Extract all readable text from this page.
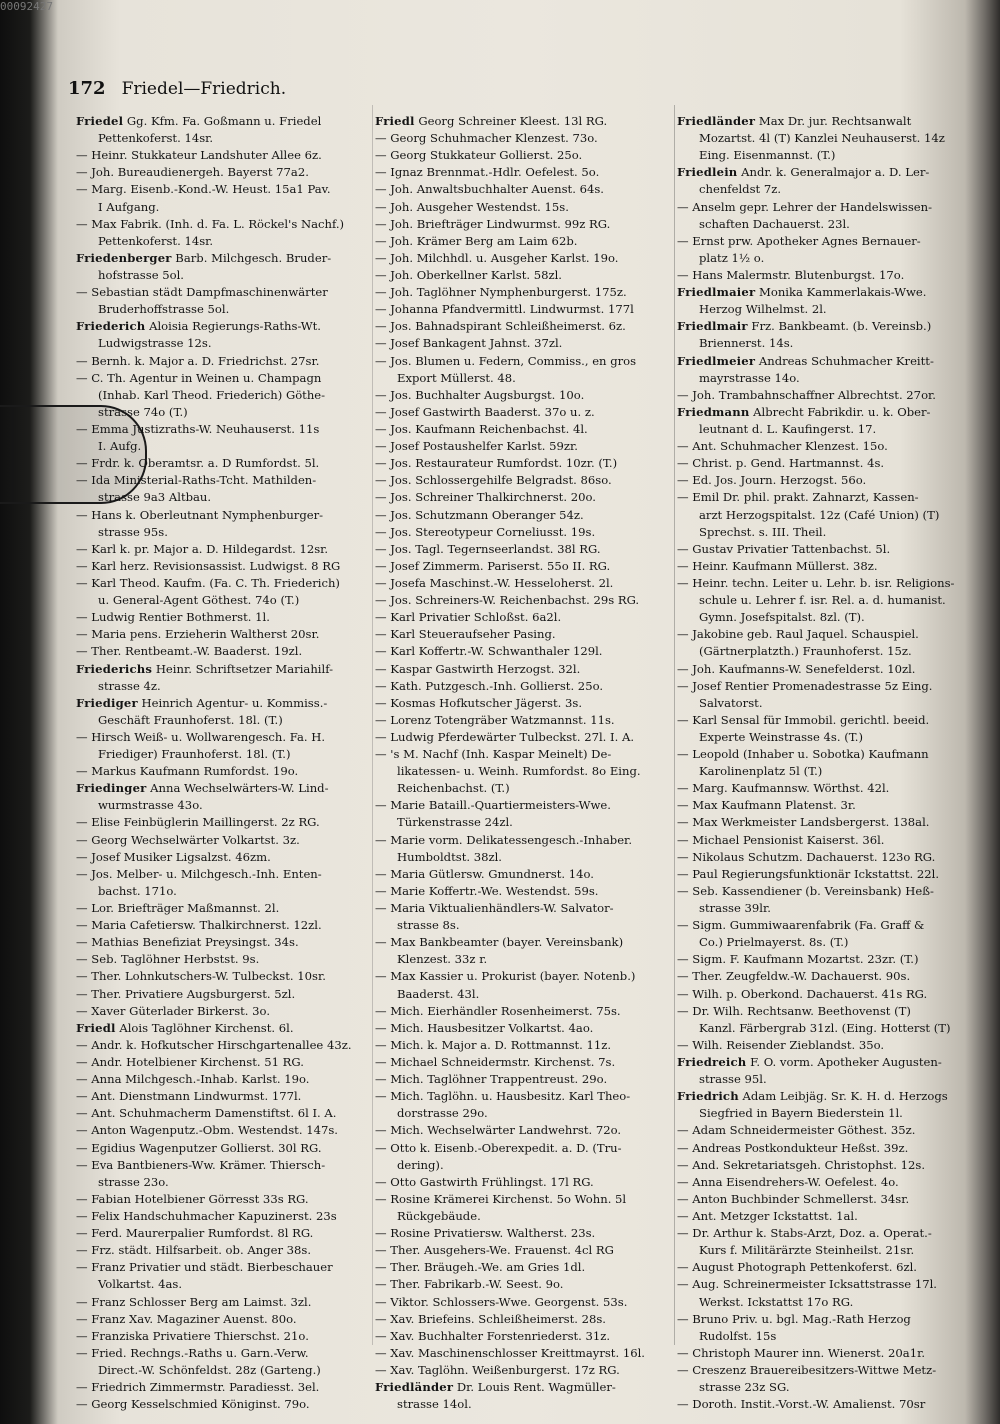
00092427
172 Friedel—Friedrich.
Friedel Gg. Kfm. Fa. Goßmann u. Friedel
Pettenkoferst. 14sr.
— Heinr. Stukkateur Landshuter Allee 6z.
— Joh. Bureaudienergeh. Bayerst 77a2.
— Marg. Eisenb.-Kond.-W. Heust. 15a1 Pav.
I Aufgang.
— Max Fabrik. (Inh. d. Fa. L. Röckel's Nachf.)
Pettenkoferst. 14sr.
Friedenberger Barb. Milchgesch. Bruder-
hofstrasse 5ol.
— Sebastian städt Dampfmaschinenwärter
Bruderhoffstrasse 5ol.
Friederich Aloisia Regierungs-Raths-Wt.
Ludwigstrasse 12s.
— Bernh. k. Major a. D. Friedrichst. 27sr.
— C. Th. Agentur in Weinen u. Champagn
(Inhab. Karl Theod. Friederich) Göthe-
strasse 74o (T.)
— Emma Justizraths-W. Neuhauserst. 11s
I. Aufg.
— Frdr. k. Oberamtsr. a. D Rumfordst. 5l.
— Ida Ministerial-Raths-Tcht. Mathilden-
strasse 9a3 Altbau.
— Hans k. Oberleutnant Nymphenburger-
strasse 95s.
— Karl k. pr. Major a. D. Hildegardst. 12sr.
— Karl herz. Revisionsassist. Ludwigst. 8 RG
— Karl Theod. Kaufm. (Fa. C. Th. Friederich)
u. General-Agent Göthest. 74o (T.)
— Ludwig Rentier Bothmerst. 1l.
— Maria pens. Erzieherin Waltherst 20sr.
— Ther. Rentbeamt.-W. Baaderst. 19zl.
Friederichs Heinr. Schriftsetzer Mariahilf-
strasse 4z.
Friediger Heinrich Agentur- u. Kommiss.-
Geschäft Fraunhoferst. 18l. (T.)
— Hirsch Weiß- u. Wollwarengesch. Fa. H.
Friediger) Fraunhoferst. 18l. (T.)
— Markus Kaufmann Rumfordst. 19o.
Friedinger Anna Wechselwärters-W. Lind-
wurmstrasse 43o.
— Elise Feinbüglerin Maillingerst. 2z RG.
— Georg Wechselwärter Volkartst. 3z.
— Josef Musiker Ligsalzst. 46zm.
— Jos. Melber- u. Milchgesch.-Inh. Enten-
bachst. 171o.
— Lor. Briefträger Maßmannst. 2l.
— Maria Cafetiersw. Thalkirchnerst. 12zl.
— Mathias Benefiziat Preysingst. 34s.
— Seb. Taglöhner Herbstst. 9s.
— Ther. Lohnkutschers-W. Tulbeckst. 10sr.
— Ther. Privatiere Augsburgerst. 5zl.
— Xaver Güterlader Birkerst. 3o.
Friedl Alois Taglöhner Kirchenst. 6l.
— Andr. k. Hofkutscher Hirschgartenallee 43z.
— Andr. Hotelbiener Kirchenst. 51 RG.
— Anna Milchgesch.-Inhab. Karlst. 19o.
— Ant. Dienstmann Lindwurmst. 177l.
— Ant. Schuhmacherm Damenstiftst. 6l I. A.
— Anton Wagenputz.-Obm. Westendst. 147s.
— Egidius Wagenputzer Gollierst. 30l RG.
— Eva Bantbieners-Ww. Krämer. Thiersch-
strasse 23o.
— Fabian Hotelbiener Görresst 33s RG.
— Felix Handschuhmacher Kapuzinerst. 23s
— Ferd. Maurerpalier Rumfordst. 8l RG.
— Frz. städt. Hilfsarbeit. ob. Anger 38s.
— Franz Privatier und städt. Bierbeschauer
Volkartst. 4as.
— Franz Schlosser Berg am Laimst. 3zl.
— Franz Xav. Magaziner Auenst. 80o.
— Franziska Privatiere Thierschst. 21o.
— Fried. Rechngs.-Raths u. Garn.-Verw.
Direct.-W. Schönfeldst. 28z (Garteng.)
— Friedrich Zimmermstr. Paradiesst. 3el.
— Georg Kesselschmied Königinst. 79o.
Friedl Georg Schreiner Kleest. 13l RG.
— Georg Schuhmacher Klenzest. 73o.
— Georg Stukkateur Gollierst. 25o.
— Ignaz Brennmat.-Hdlr. Oefelest. 5o.
— Joh. Anwaltsbuchhalter Auenst. 64s.
— Joh. Ausgeher Westendst. 15s.
— Joh. Briefträger Lindwurmst. 99z RG.
— Joh. Krämer Berg am Laim 62b.
— Joh. Milchhdl. u. Ausgeher Karlst. 19o.
— Joh. Oberkellner Karlst. 58zl.
— Joh. Taglöhner Nymphenburgerst. 175z.
— Johanna Pfandvermittl. Lindwurmst. 177l
— Jos. Bahnadspirant Schleißheimerst. 6z.
— Josef Bankagent Jahnst. 37zl.
— Jos. Blumen u. Federn, Commiss., en gros
Export Müllerst. 48.
— Jos. Buchhalter Augsburgst. 10o.
— Josef Gastwirth Baaderst. 37o u. z.
— Jos. Kaufmann Reichenbachst. 4l.
— Josef Postaushelfer Karlst. 59zr.
— Jos. Restaurateur Rumfordst. 10zr. (T.)
— Jos. Schlossergehilfe Belgradst. 86so.
— Jos. Schreiner Thalkirchnerst. 20o.
— Jos. Schutzmann Oberanger 54z.
— Jos. Stereotypeur Corneliusst. 19s.
— Jos. Tagl. Tegernseerlandst. 38l RG.
— Josef Zimmerm. Pariserst. 55o II. RG.
— Josefa Maschinst.-W. Hesseloherst. 2l.
— Jos. Schreiners-W. Reichenbachst. 29s RG.
— Karl Privatier Schloßst. 6a2l.
— Karl Steueraufseher Pasing.
— Karl Koffertr.-W. Schwanthaler 129l.
— Kaspar Gastwirth Herzogst. 32l.
— Kath. Putzgesch.-Inh. Gollierst. 25o.
— Kosmas Hofkutscher Jägerst. 3s.
— Lorenz Totengräber Watzmannst. 11s.
— Ludwig Pferdewärter Tulbeckst. 27l. I. A.
— 's M. Nachf (Inh. Kaspar Meinelt) De-
likatessen- u. Weinh. Rumfordst. 8o Eing.
Reichenbachst. (T.)
— Marie Bataill.-Quartiermeisters-Wwe.
Türkenstrasse 24zl.
— Marie vorm. Delikatessengesch.-Inhaber.
Humboldtst. 38zl.
— Maria Gütlersw. Gmundnerst. 14o.
— Marie Koffertr.-We. Westendst. 59s.
— Maria Viktualienhändlers-W. Salvator-
strasse 8s.
— Max Bankbeamter (bayer. Vereinsbank)
Klenzest. 33z r.
— Max Kassier u. Prokurist (bayer. Notenb.)
Baaderst. 43l.
— Mich. Eierhändler Rosenheimerst. 75s.
— Mich. Hausbesitzer Volkartst. 4ao.
— Mich. k. Major a. D. Rottmannst. 11z.
— Michael Schneidermstr. Kirchenst. 7s.
— Mich. Taglöhner Trappentreust. 29o.
— Mich. Taglöhn. u. Hausbesitz. Karl Theo-
dorstrasse 29o.
— Mich. Wechselwärter Landwehrst. 72o.
— Otto k. Eisenb.-Oberexpedit. a. D. (Tru-
dering).
— Otto Gastwirth Frühlingst. 17l RG.
— Rosine Krämerei Kirchenst. 5o Wohn. 5l
Rückgebäude.
— Rosine Privatiersw. Waltherst. 23s.
— Ther. Ausgehers-We. Frauenst. 4cl RG
— Ther. Bräugeh.-We. am Gries 1dl.
— Ther. Fabrikarb.-W. Seest. 9o.
— Viktor. Schlossers-Wwe. Georgenst. 53s.
— Xav. Briefeins. Schleißheimerst. 28s.
— Xav. Buchhalter Forstenriederst. 31z.
— Xav. Maschinenschlosser Kreittmayrst. 16l.
— Xav. Taglöhn. Weißenburgerst. 17z RG.
Friedländer Dr. Louis Rent. Wagmüller-
strasse 14ol.
Friedländer Max Dr. jur. Rechtsanwalt
Mozartst. 4l (T) Kanzlei Neuhauserst. 14z
Eing. Eisenmannst. (T.)
Friedlein Andr. k. Generalmajor a. D. Ler-
chenfeldst 7z.
— Anselm gepr. Lehrer der Handelswissen-
schaften Dachauerst. 23l.
— Ernst prw. Apotheker Agnes Bernauer-
platz 1½ o.
— Hans Malermstr. Blutenburgst. 17o.
Friedlmaier Monika Kammerlakais-Wwe.
Herzog Wilhelmst. 2l.
Friedlmair Frz. Bankbeamt. (b. Vereinsb.)
Briennerst. 14s.
Friedlmeier Andreas Schuhmacher Kreitt-
mayrstrasse 14o.
— Joh. Trambahnschaffner Albrechtst. 27or.
Friedmann Albrecht Fabrikdir. u. k. Ober-
leutnant d. L. Kaufingerst. 17.
— Ant. Schuhmacher Klenzest. 15o.
— Christ. p. Gend. Hartmannst. 4s.
— Ed. Jos. Journ. Herzogst. 56o.
— Emil Dr. phil. prakt. Zahnarzt, Kassen-
arzt Herzogspitalst. 12z (Café Union) (T)
Sprechst. s. III. Theil.
— Gustav Privatier Tattenbachst. 5l.
— Heinr. Kaufmann Müllerst. 38z.
— Heinr. techn. Leiter u. Lehr. b. isr. Religions-
schule u. Lehrer f. isr. Rel. a. d. humanist.
Gymn. Josefspitalst. 8zl. (T).
— Jakobine geb. Raul Jaquel. Schauspiel.
(Gärtnerplatzth.) Fraunhoferst. 15z.
— Joh. Kaufmanns-W. Senefelderst. 10zl.
— Josef Rentier Promenadestrasse 5z Eing.
Salvatorst.
— Karl Sensal für Immobil. gerichtl. beeid.
Experte Weinstrasse 4s. (T.)
— Leopold (Inhaber u. Sobotka) Kaufmann
Karolinenplatz 5l (T.)
— Marg. Kaufmannsw. Wörthst. 42l.
— Max Kaufmann Platenst. 3r.
— Max Werkmeister Landsbergerst. 138al.
— Michael Pensionist Kaiserst. 36l.
— Nikolaus Schutzm. Dachauerst. 123o RG.
— Paul Regierungsfunktionär Ickstattst. 22l.
— Seb. Kassendiener (b. Vereinsbank) Heß-
strasse 39lr.
— Sigm. Gummiwaarenfabrik (Fa. Graff &
Co.) Prielmayerst. 8s. (T.)
— Sigm. F. Kaufmann Mozartst. 23zr. (T.)
— Ther. Zeugfeldw.-W. Dachauerst. 90s.
— Wilh. p. Oberkond. Dachauerst. 41s RG.
— Dr. Wilh. Rechtsanw. Beethovenst (T)
Kanzl. Färbergrab 31zl. (Eing. Hotterst (T)
— Wilh. Reisender Zieblandst. 35o.
Friedreich F. O. vorm. Apotheker Augusten-
strasse 95l.
Friedrich Adam Leibjäg. Sr. K. H. d. Herzogs
Siegfried in Bayern Biederstein 1l.
— Adam Schneidermeister Göthest. 35z.
— Andreas Postkondukteur Heßst. 39z.
— And. Sekretariatsgeh. Christophst. 12s.
— Anna Eisendrehers-W. Oefelest. 4o.
— Anton Buchbinder Schmellerst. 34sr.
— Ant. Metzger Ickstattst. 1al.
— Dr. Arthur k. Stabs-Arzt, Doz. a. Operat.-
Kurs f. Militärärzte Steinheilst. 21sr.
— August Photograph Pettenkoferst. 6zl.
— Aug. Schreinermeister Icksattstrasse 17l.
Werkst. Ickstattst 17o RG.
— Bruno Priv. u. bgl. Mag.-Rath Herzog
Rudolfst. 15s
— Christoph Maurer inn. Wienerst. 20a1r.
— Creszenz Brauereibesitzers-Wittwe Metz-
strasse 23z SG.
— Doroth. Instit.-Vorst.-W. Amalienst. 70sr
